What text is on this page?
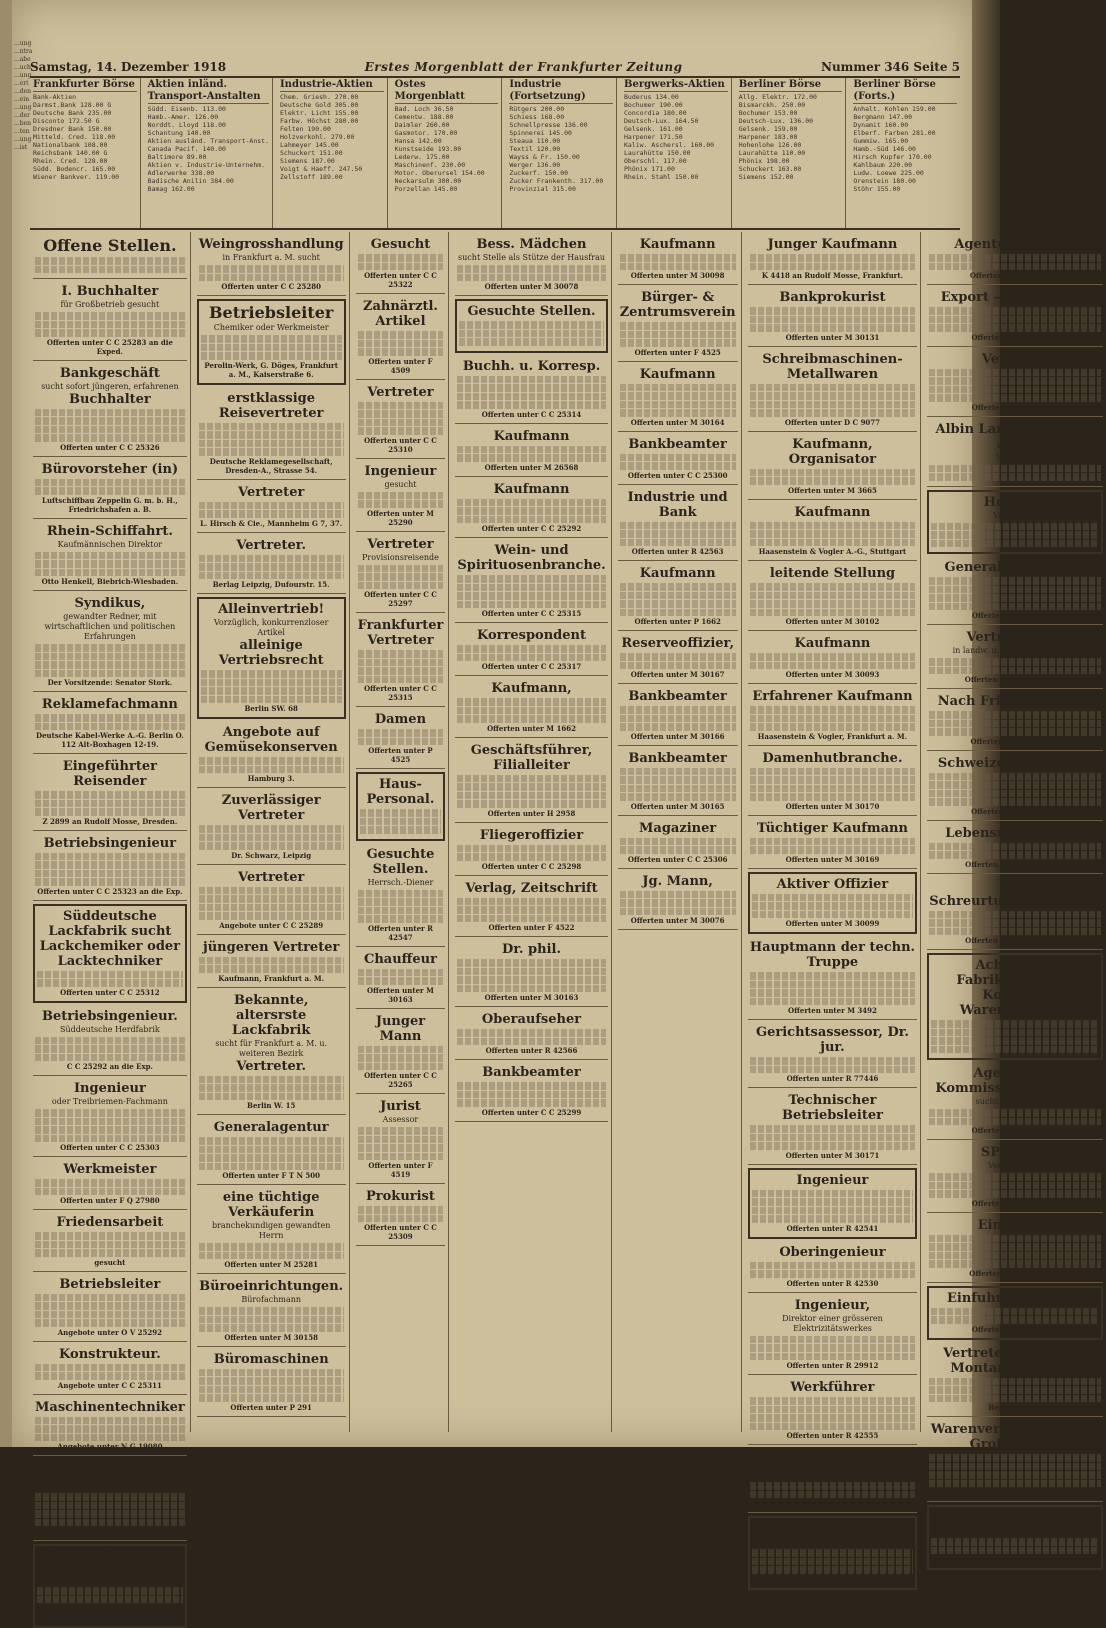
...ung ...ntra ...abe ...uch ...ung ...ert ...den ...ein ...ung ...der ...ben ...ten ...ung ...ist
Samstag, 14. Dezember 1918	Erstes Morgenblatt der Frankfurter Zeitung	Nummer 346 Seite 5
Frankfurter Börse
Bank-Aktien
Darmst.Bank 128.00 G
Deutsche Bank 235.00
Disconto 172.50 G
Dresdner Bank 150.00
Mitteld. Cred. 118.00
Nationalbank 108.00
Reichsbank 140.00 G
Rhein. Cred. 128.00
Südd. Bodencr. 165.00
Wiener Bankver. 119.00
Aktien inländ. Transport-Anstalten
Südd. Eisenb. 113.00
Hamb.-Amer. 126.00
Norddt. Lloyd 118.00
Schantung 140.00
Aktien ausländ. Transport-Anst.
Canada Pacif. 140.00
Baltimore 89.00
Aktien v. Industrie-Unternehm.
Adlerwerke 338.00
Badische Anilin 384.00
Bamag 162.00
Industrie-Aktien
Chem. Griesh. 270.00
Deutsche Gold 305.00
Elektr. Licht 155.00
Farbw. Höchst 280.00
Felten 190.00
Holzverkohl. 279.00
Lahmeyer 145.00
Schuckert 151.00
Siemens 187.00
Voigt & Haeff. 247.50
Zellstoff 189.00
Ostes Morgenblatt
Bad. Loch 36.50
Cementw. 188.00
Daimler 260.00
Gasmotor. 170.00
Hansa 142.00
Kunstseide 193.00
Lederw. 175.00
Maschinenf. 230.00
Motor. Oberursel 154.00
Neckarsulm 300.00
Porzellan 145.00
Industrie (Fortsetzung)
Rütgers 200.00
Schiess 168.00
Schnellpresse 136.00
Spinnerei 145.00
Steaua 110.00
Textil 120.00
Wayss & Fr. 150.00
Werger 136.00
Zuckerf. 150.00
Zucker Frankenth. 317.00
Provinzial 315.00
Bergwerks-Aktien
Buderus 134.00
Bochumer 190.00
Concordia 180.00
Deutsch-Lux. 164.50
Gelsenk. 161.00
Harpener 171.50
Kaliw. Aschersl. 160.00
Laurahütte 150.00
Oberschl. 117.00
Phönix 171.00
Rhein. Stahl 150.00
Berliner Börse
Allg. Elektr. 172.00
Bismarckh. 250.00
Bochumer 153.00
Deutsch-Lux. 136.00
Gelsenk. 159.00
Harpener 183.00
Hohenlohe 126.00
Laurahütte 110.00
Phönix 198.00
Schuckert 163.00
Siemens 152.00
Berliner Börse (Forts.)
Anhalt. Kohlen 159.00
Bergmann 147.00
Dynamit 160.00
Elberf. Farben 281.00
Gummiw. 165.00
Hamb.-Süd 146.00
Hirsch Kupfer 170.00
Kahlbaum 220.00
Ludw. Loewe 225.00
Orenstein 180.00
Stöhr 155.00
Offene Stellen.
I. Buchhalter
für Großbetrieb gesucht
Offerten unter C C 25283 an die Exped.
Bankgeschäft
sucht sofort jüngeren, erfahrenen
Buchhalter
Offerten unter C C 25326
Bürovorsteher (in)
Luftschiffbau Zeppelin G. m. b. H., Friedrichshafen a. B.
Rhein-Schiffahrt.
Kaufmännischen Direktor
Otto Henkell, Biebrich-Wiesbaden.
Syndikus,
gewandter Redner, mit wirtschaftlichen und politischen Erfahrungen
Der Vorsitzende: Senator Stork.
Reklamefachmann
Deutsche Kabel-Werke A.-G. Berlin O. 112 Alt-Boxhagen 12-19.
Eingeführter Reisender
Z 2899 an Rudolf Mosse, Dresden.
Betriebsingenieur
Offerten unter C C 25323 an die Exp.
Süddeutsche Lackfabrik sucht Lackchemiker oder Lacktechniker
Offerten unter C C 25312
Betriebsingenieur.
Süddeutsche Herdfabrik
C C 25292 an die Exp.
Ingenieur
oder Treibriemen-Fachmann
Offerten unter C C 25303
Werkmeister
Offerten unter F Q 27980
Friedensarbeit
gesucht
Betriebsleiter
Angebote unter O V 25292
Konstrukteur.
Angebote unter C C 25311
Maschinentechniker
Angebote unter N G 19080
erster Ingenieur als Chefkonstrukteur
Ringenheim
Diplom-Ingenieur
für Konstruktionsbüro und Werkstatt
Akt.-Ges. für Anilin-Fabrikation Rummelsburg b. Berlin
Weingrosshandlung
in Frankfurt a. M. sucht
Offerten unter C C 25280
Betriebsleiter
Chemiker oder Werkmeister
Perolin-Werk, G. Döges, Frankfurt a. M., Kaiserstraße 6.
erstklassige Reisevertreter
Deutsche Reklamegesellschaft, Dresden-A., Strasse 54.
Vertreter
L. Hirsch & Cie., Mannheim G 7, 37.
Vertreter.
Berlag Leipzig, Dufourstr. 15.
Alleinvertrieb!
Vorzüglich, konkurrenzloser Artikel
alleinige Vertriebsrecht
Berlin SW. 68
Angebote auf Gemüsekonserven
Hamburg 3.
Zuverlässiger Vertreter
Dr. Schwarz, Leipzig
Vertreter
Angebote unter C C 25289
jüngeren Vertreter
Kaufmann, Frankfurt a. M.
Bekannte, altersrste Lackfabrik
sucht für Frankfurt a. M. u. weiteren Bezirk
Vertreter.
Berlin W. 15
Generalagentur
Offerten unter F T N 500
eine tüchtige Verkäuferin
branchekundigen gewandten Herrn
Offerten unter M 25281
Büroeinrichtungen.
Bürofachmann
Offerten unter M 30158
Büromaschinen
Offerten unter P 291
Gesucht
Offerten unter C C 25322
Zahnärztl. Artikel
Offerten unter F 4509
Vertreter
Offerten unter C C 25310
Ingenieur
gesucht
Offerten unter M 25290
Vertreter
Provisionsreisende
Offerten unter C C 25297
Frankfurter Vertreter
Offerten unter C C 25315
Damen
Offerten unter P 4525
Haus-Personal.
Gesuchte Stellen.
Herrsch.-Diener
Offerten unter R 42547
Chauffeur
Offerten unter M 30163
Junger Mann
Offerten unter C C 25265
Jurist
Assessor
Offerten unter F 4519
Prokurist
Offerten unter C C 25309
Bess. Mädchen
sucht Stelle als Stütze der Hausfrau
Offerten unter M 30078
Gesuchte Stellen.
Buchh. u. Korresp.
Offerten unter C C 25314
Kaufmann
Offerten unter M 26568
Kaufmann
Offerten unter C C 25292
Wein- und Spirituosenbranche.
Offerten unter C C 25315
Korrespondent
Offerten unter C C 25317
Kaufmann,
Offerten unter M 1662
Geschäftsführer, Filialleiter
Offerten unter H 2958
Fliegeroffizier
Offerten unter C C 25298
Verlag, Zeitschrift
Offerten unter F 4522
Dr. phil.
Offerten unter M 30163
Oberaufseher
Offerten unter R 42566
Bankbeamter
Offerten unter C C 25299
Kaufmann
Offerten unter M 30098
Bürger- & Zentrumsverein
Offerten unter F 4525
Kaufmann
Offerten unter M 30164
Bankbeamter
Offerten unter C C 25300
Industrie und Bank
Offerten unter R 42563
Kaufmann
Offerten unter P 1662
Reserveoffizier,
Offerten unter M 30167
Bankbeamter
Offerten unter M 30166
Bankbeamter
Offerten unter M 30165
Magaziner
Offerten unter C C 25306
Jg. Mann,
Offerten unter M 30076
Junger Kaufmann
K 4418 an Rudolf Mosse, Frankfurt.
Bankprokurist
Offerten unter M 30131
Schreibmaschinen-Metallwaren
Offerten unter D C 9077
Kaufmann, Organisator
Offerten unter M 3665
Kaufmann
Haasenstein & Vogler A.-G., Stuttgart
leitende Stellung
Offerten unter M 30102
Kaufmann
Offerten unter M 30093
Erfahrener Kaufmann
Haasenstein & Vogler, Frankfurt a. M.
Damenhutbranche.
Offerten unter M 30170
Tüchtiger Kaufmann
Offerten unter M 30169
Aktiver Offizier
Offerten unter M 30099
Hauptmann der techn. Truppe
Offerten unter M 3492
Gerichtsassessor, Dr. jur.
Offerten unter R 77446
Technischer Betriebsleiter
Offerten unter M 30171
Ingenieur
Offerten unter R 42541
Oberingenieur
Offerten unter R 42530
Ingenieur,
Direktor einer grösseren Elektrizitätswerkes
Offerten unter R 29912
Werkführer
Offerten unter R 42555
Drogen- u. Chemikalienhandlung.
Offerten unter P 7251
SCHWEIZ
Vertretungen
Offerten unter S C 3714
Agenturgeschäft
Offerten unter Ö P 374
Export — Norwegen.
Offerten unter B 1291
Vertreter
Offerten unter P 1016
Albin Lang, Frankfurt a. M.
Vertreter
Holland.
Vertretung
General-Vertretung
Offerten unter Z 2569
Vertretungen
in landw. u. Haush.-Maschinen
Offerten unter H V 30157
Nach Friedensschluß
Offerten unter M 3506
Schweizer Kaufmann
Offerten unter H 5685
Lebensmittelfabrik
Offerten unter C C 25316
Für Schreurtuchwebereien!
Offerten unter C C 25316
Achtung — Fabrikanten der Konsum-Warenbranche.
Agentur- u. Kommissionsgeschäft
sucht Vertretungen
Offerten unter C 6090
SPANIEN
Vertretungen
Offerten unter P 1616
Einkäufen
Offerten unter E 20015
Einfuhr — Ausfuhr
Offerten unter S 8009
Vertreter-Firma der Montan-Industrie
Berlin SW. 19
Warenvertretungen für Großhandel.
Offerten unter P 2058
Engros-Vertretung
für die Rheinlande und Westfalen
Offerten unter S 8009
